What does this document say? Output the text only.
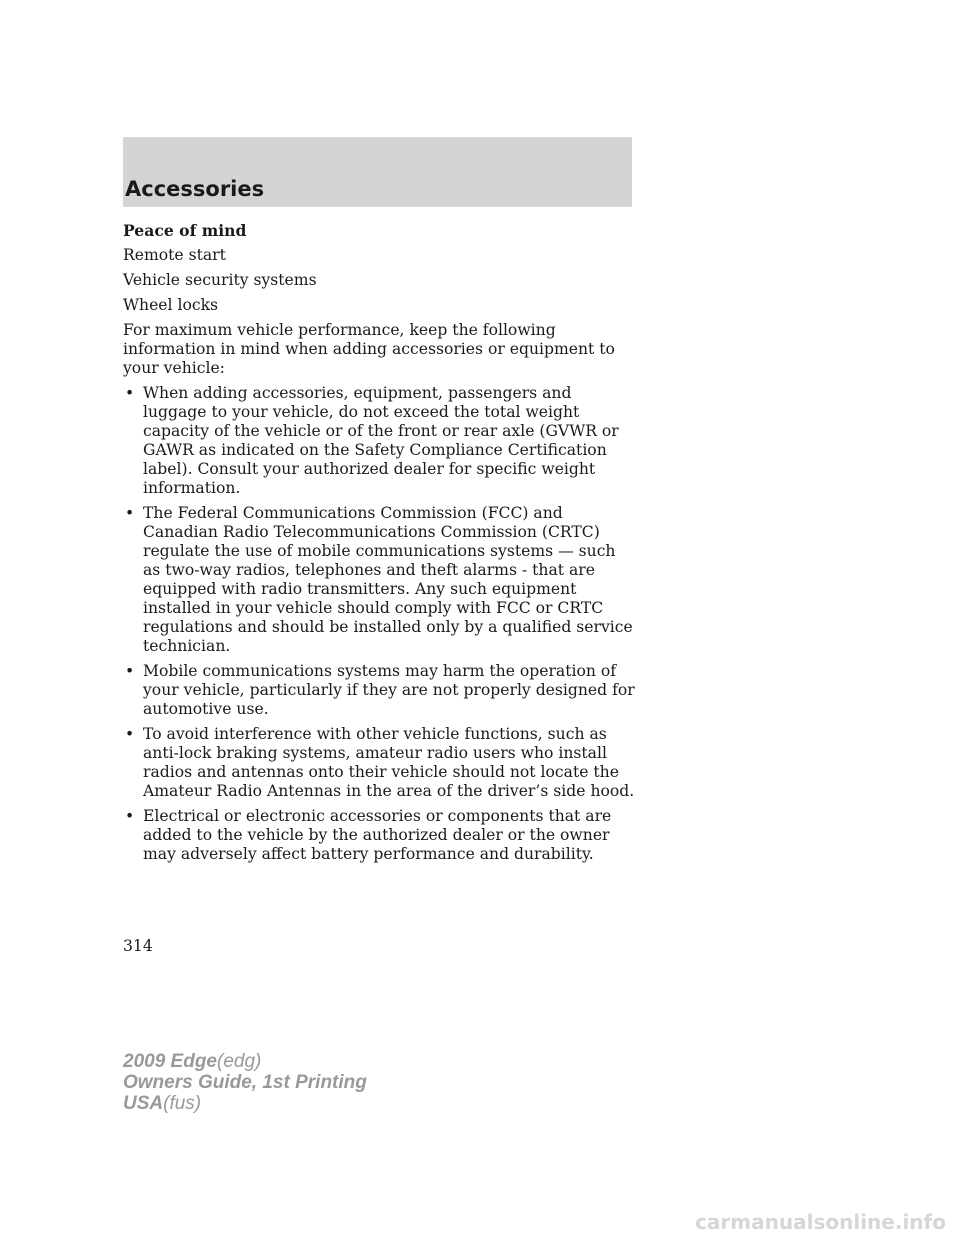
Accessories

Peace of mind

Remote start

Vehicle security systems

Wheel locks

For maximum vehicle performance, keep the following information in mind when adding accessories or equipment to your vehicle:

• When adding accessories, equipment, passengers and luggage to your vehicle, do not exceed the total weight capacity of the vehicle or of the front or rear axle (GVWR or GAWR as indicated on the Safety Compliance Certification label). Consult your authorized dealer for specific weight information.
• The Federal Communications Commission (FCC) and Canadian Radio Telecommunications Commission (CRTC) regulate the use of mobile communications systems — such as two-way radios, telephones and theft alarms - that are equipped with radio transmitters. Any such equipment installed in your vehicle should comply with FCC or CRTC regulations and should be installed only by a qualified service technician.
• Mobile communications systems may harm the operation of your vehicle, particularly if they are not properly designed for automotive use.
• To avoid interference with other vehicle functions, such as anti-lock braking systems, amateur radio users who install radios and antennas onto their vehicle should not locate the Amateur Radio Antennas in the area of the driver’s side hood.
• Electrical or electronic accessories or components that are added to the vehicle by the authorized dealer or the owner may adversely affect battery performance and durability.

314

2009 Edge(edg)
Owners Guide, 1st Printing
USA(fus)

carmanualsonline.info
